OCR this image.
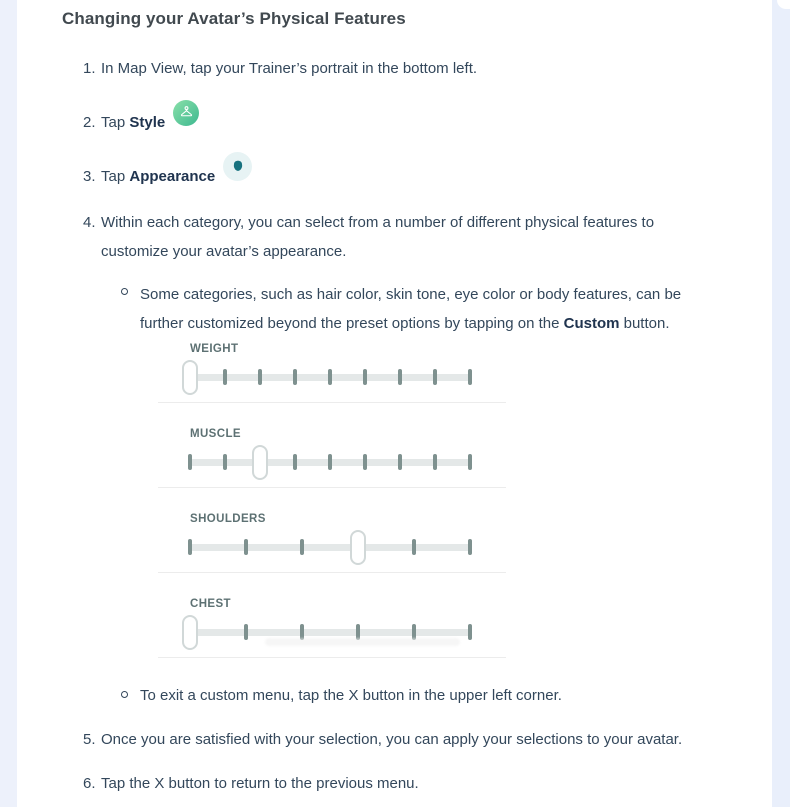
Changing your Avatar’s Physical Features
1. In Map View, tap your Trainer’s portrait in the bottom left.
2. Tap Style
3. Tap Appearance
4. Within each category, you can select from a number of different physical features to customize your avatar’s appearance.
Some categories, such as hair color, skin tone, eye color or body features, can be further customized beyond the preset options by tapping on the Custom button.
WEIGHT
MUSCLE
SHOULDERS
CHEST
To exit a custom menu, tap the X button in the upper left corner.
5. Once you are satisfied with your selection, you can apply your selections to your avatar.
6. Tap the X button to return to the previous menu.
